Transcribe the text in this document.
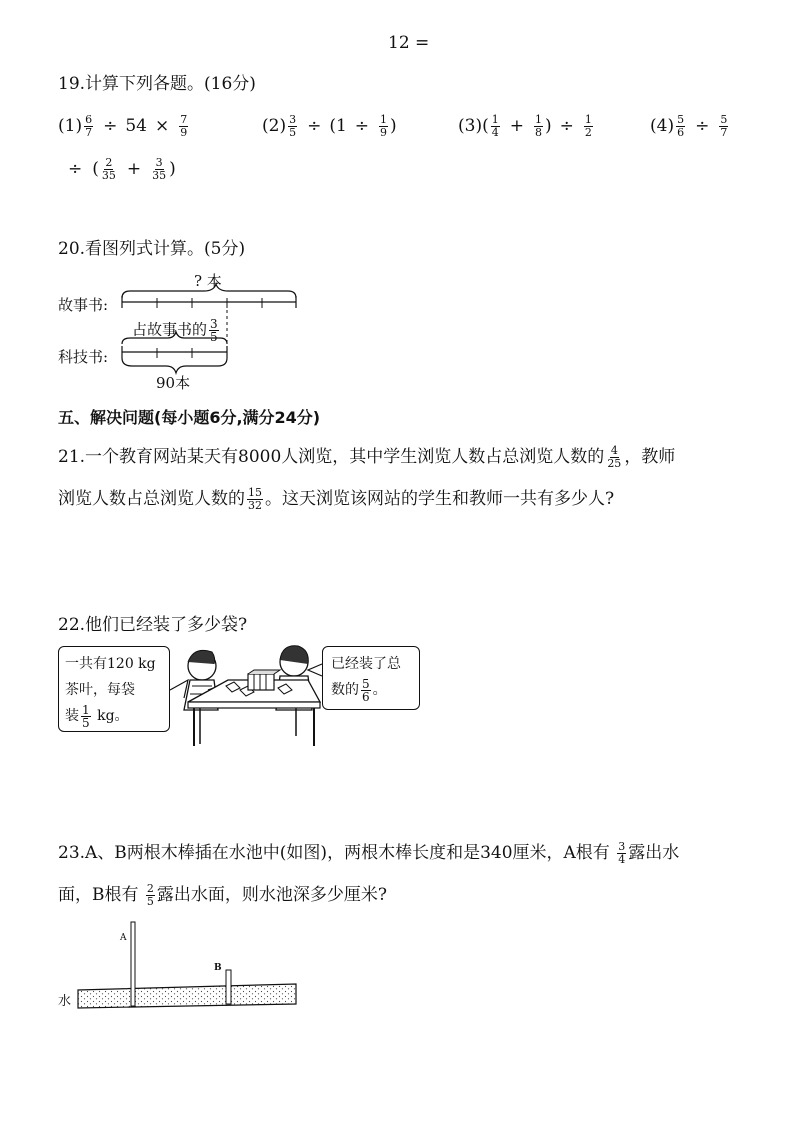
12 =
19.计算下列各题。(16分)
$(1) \frac{6}{7} \div 54 \times \frac{7}{9}$	$(2) \frac{3}{5} \div (1 \div \frac{1}{9}$ )	$(3)( \frac{1}{4} + \frac{1}{8}$ ) ÷ $\frac{1}{2}$	$(4) \frac{5}{6} \div \frac{5}{7}$
÷ ( $\frac{2}{35} + \frac{3}{35}$ )
20.看图列式计算。(5分)
? 本
故事书:
科技书:
占故事书的 $\frac{3}{5}$
90本
五、解决问题(每小题6分,满分24分)
21.一个教育网站某天有8000人浏览，其中学生浏览人数占总浏览人数的 $\frac{4}{25}$ ，教师
浏览人数占总浏览人数的 $\frac{15}{32}$ 。这天浏览该网站的学生和教师一共有多少人?
22.他们已经装了多少袋?
一共有120 kg
茶叶，每袋
装 $\frac{1}{5}$ kg。
已经装了总
数的 $\frac{5}{6}$ 。
23.A、B两根木棒插在水池中(如图)，两根木棒长度和是340厘米，A根有 $\frac{3}{4}$ 露出水
面，B根有 $\frac{2}{5}$ 露出水面，则水池深多少厘米?
水
A
B
